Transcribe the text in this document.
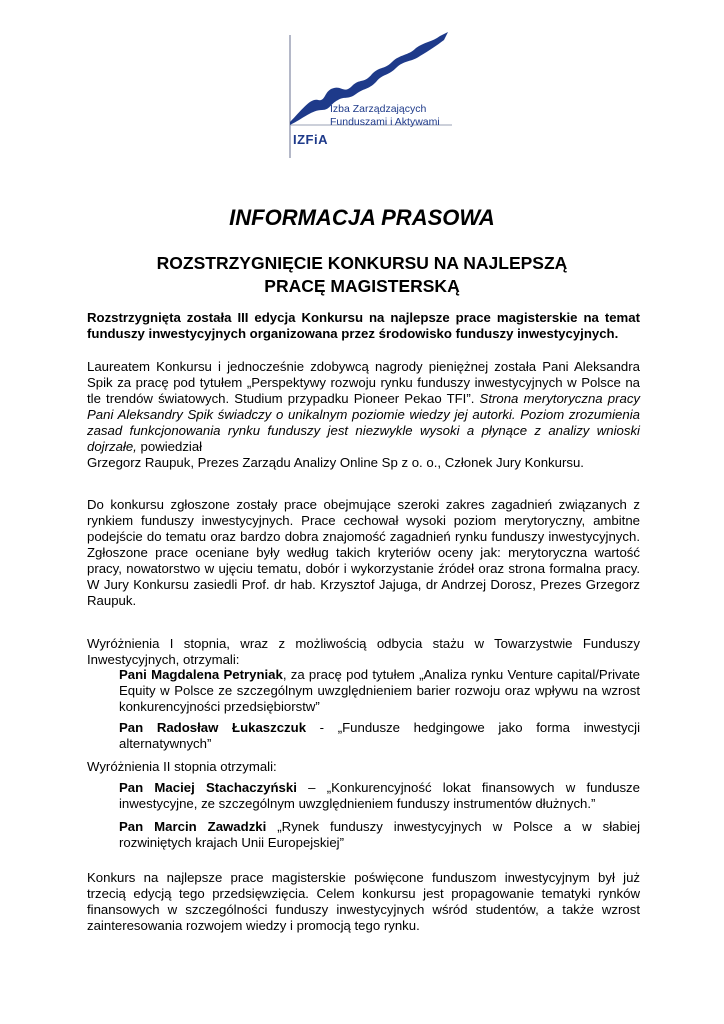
Izba Zarządzających
Funduszami i Aktywami
IZFiA
INFORMACJA PRASOWA
ROZSTRZYGNIĘCIE KONKURSU NA NAJLEPSZĄ
PRACĘ MAGISTERSKĄ
Rozstrzygnięta została III edycja Konkursu na najlepsze prace magisterskie na temat funduszy inwestycyjnych organizowana przez środowisko funduszy inwestycyjnych.
Laureatem Konkursu i jednocześnie zdobywcą nagrody pieniężnej została Pani Aleksandra Spik za pracę pod tytułem „Perspektywy rozwoju rynku funduszy inwestycyjnych w Polsce na tle trendów światowych. Studium przypadku Pioneer Pekao TFI”. Strona merytoryczna pracy Pani Aleksandry Spik świadczy o unikalnym poziomie wiedzy jej autorki. Poziom zrozumienia zasad funkcjonowania rynku funduszy jest niezwykle wysoki a płynące z analizy wnioski dojrzałe, powiedział
Grzegorz Raupuk, Prezes Zarządu Analizy Online Sp z o. o., Członek Jury Konkursu.
Do konkursu zgłoszone zostały prace obejmujące szeroki zakres zagadnień związanych z rynkiem funduszy inwestycyjnych. Prace cechował wysoki poziom merytoryczny, ambitne podejście do tematu oraz bardzo dobra znajomość zagadnień rynku funduszy inwestycyjnych. Zgłoszone prace oceniane były według takich kryteriów oceny jak: merytoryczna wartość pracy, nowatorstwo w ujęciu tematu, dobór i wykorzystanie źródeł oraz strona formalna pracy. W Jury Konkursu zasiedli Prof. dr hab. Krzysztof Jajuga, dr Andrzej Dorosz, Prezes Grzegorz Raupuk.
Wyróżnienia I stopnia, wraz z możliwością odbycia stażu w Towarzystwie Funduszy Inwestycyjnych, otrzymali:
Pani Magdalena Petryniak, za pracę pod tytułem „Analiza rynku Venture capital/Private Equity w Polsce ze szczególnym uwzględnieniem barier rozwoju oraz wpływu na wzrost konkurencyjności przedsiębiorstw”
Pan Radosław Łukaszczuk - „Fundusze hedgingowe jako forma inwestycji alternatywnych”
Wyróżnienia II stopnia otrzymali:
Pan Maciej Stachaczyński – „Konkurencyjność lokat finansowych w fundusze inwestycyjne, ze szczególnym uwzględnieniem funduszy instrumentów dłużnych.”
Pan Marcin Zawadzki „Rynek funduszy inwestycyjnych w Polsce a w słabiej rozwiniętych krajach Unii Europejskiej”
Konkurs na najlepsze prace magisterskie poświęcone funduszom inwestycyjnym był już trzecią edycją tego przedsięwzięcia. Celem konkursu jest propagowanie tematyki rynków finansowych w szczególności funduszy inwestycyjnych wśród studentów, a także wzrost zainteresowania rozwojem wiedzy i promocją tego rynku.
